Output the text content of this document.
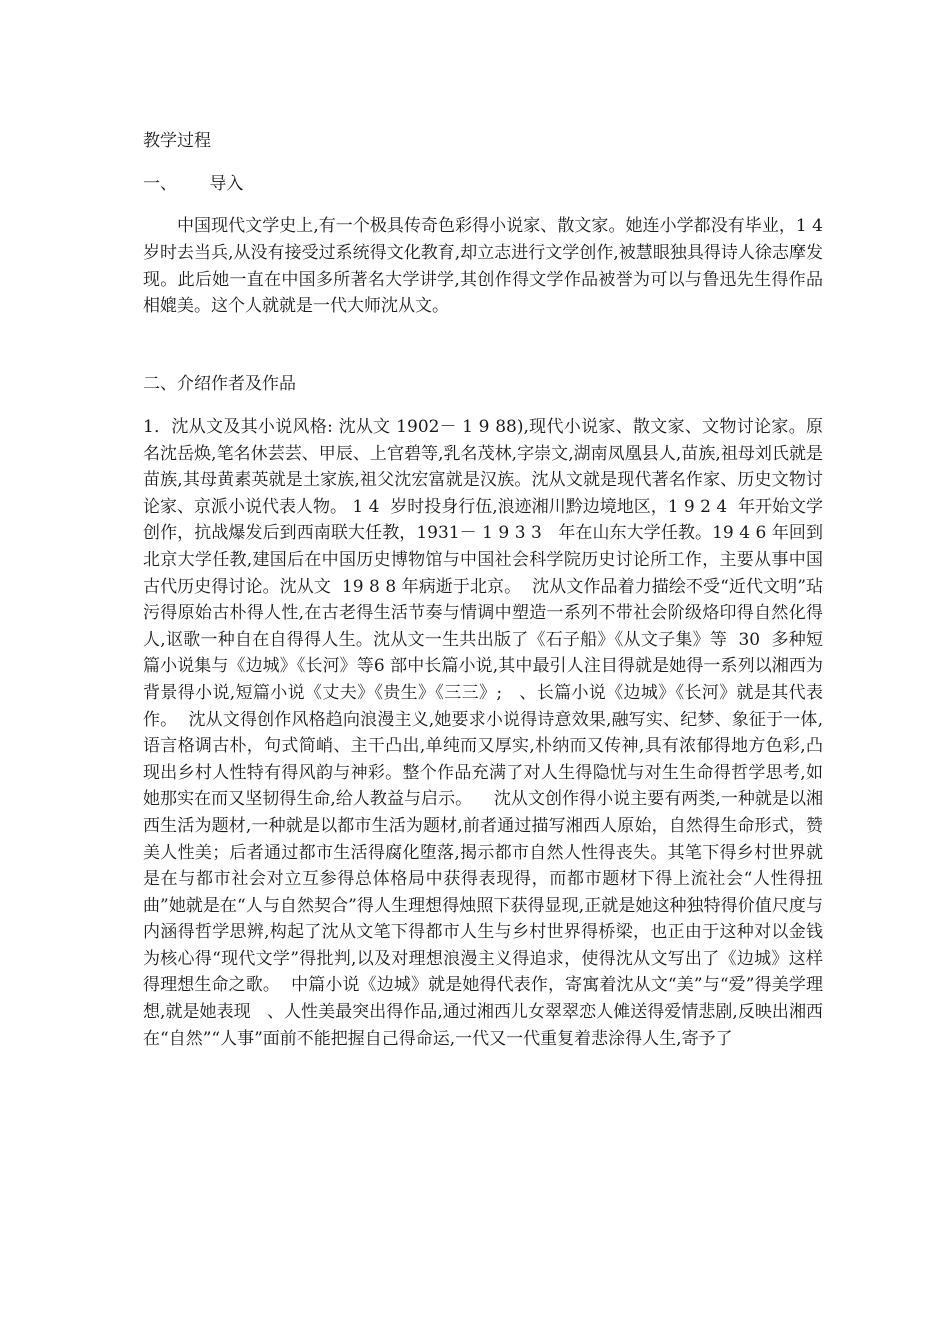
教学过程
一、      导入

中国现代文学史上,有一个极具传奇色彩得小说家、散文家。她连小学都没有毕业，1 4 岁时去当兵,从没有接受过系统得文化教育,却立志进行文学创作,被慧眼独具得诗人徐志摩发现。此后她一直在中国多所著名大学讲学,其创作得文学作品被誉为可以与鲁迅先生得作品相媲美。这个人就就是一代大师沈从文。

二、介绍作者及作品

1．沈从文及其小说风格: 沈从文 1902－ 1 9 88),现代小说家、散文家、文物讨论家。原名沈岳焕,笔名休芸芸、甲辰、上官碧等,乳名茂林,字崇文,湖南凤凰县人,苗族,祖母刘氏就是苗族,其母黄素英就是土家族,祖父沈宏富就是汉族。沈从文就是现代著名作家、历史文物讨论家、京派小说代表人物。 1 4  岁时投身行伍,浪迹湘川黔边境地区，1 9 2 4  年开始文学创作，抗战爆发后到西南联大任教，1931－ 1 9 3 3   年在山东大学任教。19 4 6 年回到北京大学任教,建国后在中国历史博物馆与中国社会科学院历史讨论所工作，主要从事中国古代历史得讨论。沈从文  19 8 8 年病逝于北京。  沈从文作品着力描绘不受“近代文明”玷污得原始古朴得人性,在古老得生活节奏与情调中塑造一系列不带社会阶级烙印得自然化得人,讴歌一种自在自得得人生。沈从文一生共出版了《石子船》《从文子集》等  30  多种短篇小说集与《边城》《长河》等6 部中长篇小说,其中最引人注目得就是她得一系列以湘西为背景得小说,短篇小说《丈夫》《贵生》《三三》;   、长篇小说《边城》《长河》就是其代表作。  沈从文得创作风格趋向浪漫主义,她要求小说得诗意效果,融写实、纪梦、象征于一体,语言格调古朴，句式简峭、主干凸出,单纯而又厚实,朴纳而又传神,具有浓郁得地方色彩,凸现出乡村人性特有得风韵与神彩。整个作品充满了对人生得隐忧与对生生命得哲学思考,如她那实在而又坚韧得生命,给人教益与启示。    沈从文创作得小说主要有两类,一种就是以湘西生活为题材,一种就是以都市生活为题材,前者通过描写湘西人原始，自然得生命形式，赞美人性美；后者通过都市生活得腐化堕落,揭示都市自然人性得丧失。其笔下得乡村世界就是在与都市社会对立互参得总体格局中获得表现得，而都市题材下得上流社会“人性得扭曲”她就是在“人与自然契合”得人生理想得烛照下获得显现,正就是她这种独特得价值尺度与内涵得哲学思辨,构起了沈从文笔下得都市人生与乡村世界得桥梁，也正由于这种对以金钱为核心得“现代文学”得批判,以及对理想浪漫主义得追求，使得沈从文写出了《边城》这样得理想生命之歌。  中篇小说《边城》就是她得代表作，寄寓着沈从文“美”与“爱”得美学理想,就是她表现   、人性美最突出得作品,通过湘西儿女翠翠恋人傩送得爱情悲剧,反映出湘西在“自然”“人事”面前不能把握自己得命运,一代又一代重复着悲涂得人生,寄予了
